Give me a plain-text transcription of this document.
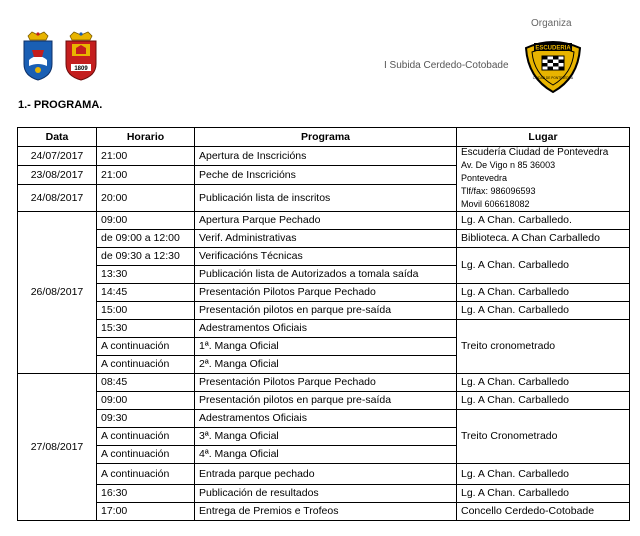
1809
Organiza
I Subida Cerdedo-Cotobade
ESCUDERIA
CIUDAD DE PONTEVEDRA
1.- PROGRAMA.
Data	Horario	Programa	Lugar
24/07/2017	21:00	Apertura de Inscricións	Escudería Ciudad de Pontevedra
Av. De Vigo n 85 36003
Pontevedra
Tlf/fax: 986096593
Movil 606618082

23/08/2017	21:00	Peche de Inscricións	
24/08/2017	20:00	Publicación lista de inscritos	
26/08/2017	09:00	Apertura Parque Pechado	Lg. A Chan. Carballedo.
	de 09:00 a 12:00	Verif. Administrativas	Biblioteca. A Chan Carballedo
	de 09:30 a 12:30	Verificacións Técnicas	Lg. A Chan. Carballedo
	13:30	Publicación lista de Autorizados a tomala saída	
	14:45	Presentación Pilotos Parque Pechado	Lg. A Chan. Carballedo
	15:00	Presentación pilotos en parque pre-saída	Lg. A Chan. Carballedo
	15:30	Adestramentos Oficiais	Treito cronometrado
	A continuación	1ª. Manga Oficial	
	A continuación	2ª. Manga Oficial	
27/08/2017	08:45	Presentación Pilotos Parque Pechado	Lg. A Chan. Carballedo
	09:00	Presentación pilotos en parque pre-saída	Lg. A Chan. Carballedo
	09:30	Adestramentos Oficiais	Treito Cronometrado
	A continuación	3ª. Manga Oficial	
	A continuación	4ª. Manga Oficial	
	A continuación	Entrada parque pechado	Lg. A Chan. Carballedo
	16:30	Publicación de resultados	Lg. A Chan. Carballedo
	17:00	Entrega de Premios e Trofeos	Concello Cerdedo-Cotobade
